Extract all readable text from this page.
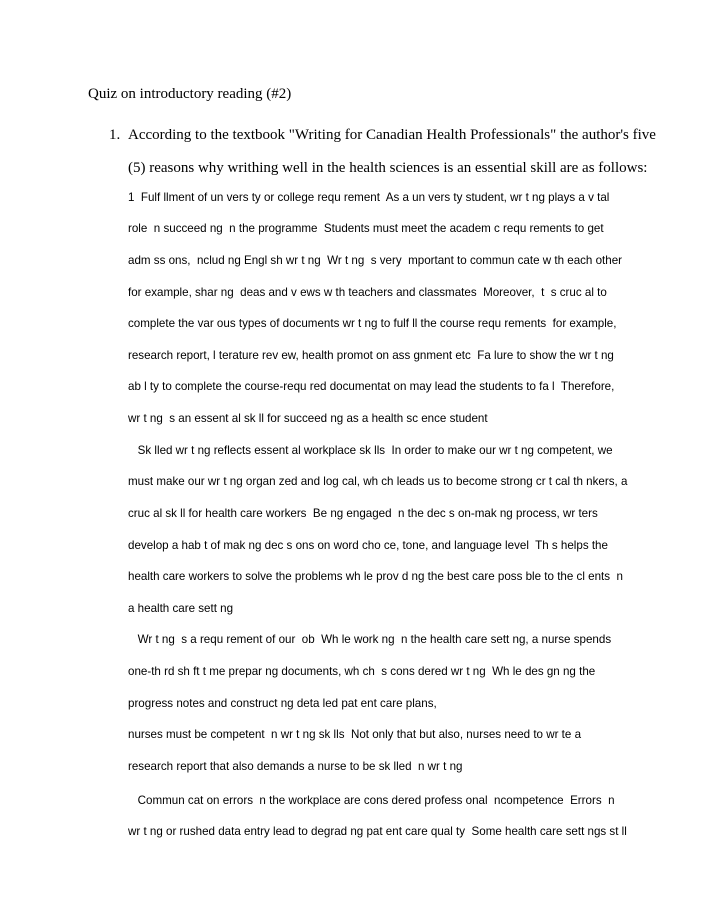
Quiz on introductory reading (#2)
1. According to the textbook "Writing for Canadian Health Professionals" the author's five
(5) reasons why writhing well in the health sciences is an essential skill are as follows:
1  Fulf llment of un vers ty or college requ rement  As a un vers ty student, wr t ng plays a v tal
role  n succeed ng  n the programme  Students must meet the academ c requ rements to get
adm ss ons,  nclud ng Engl sh wr t ng  Wr t ng  s very  mportant to commun cate w th each other
for example, shar ng  deas and v ews w th teachers and classmates  Moreover,  t  s cruc al to
complete the var ous types of documents wr t ng to fulf ll the course requ rements  for example,
research report, l terature rev ew, health promot on ass gnment etc  Fa lure to show the wr t ng
ab l ty to complete the course-requ red documentat on may lead the students to fa l  Therefore,
wr t ng  s an essent al sk ll for succeed ng as a health sc ence student
Sk lled wr t ng reflects essent al workplace sk lls  In order to make our wr t ng competent, we
must make our wr t ng organ zed and log cal, wh ch leads us to become strong cr t cal th nkers, a
cruc al sk ll for health care workers  Be ng engaged  n the dec s on-mak ng process, wr ters
develop a hab t of mak ng dec s ons on word cho ce, tone, and language level  Th s helps the
health care workers to solve the problems wh le prov d ng the best care poss ble to the cl ents  n
a health care sett ng
Wr t ng  s a requ rement of our  ob  Wh le work ng  n the health care sett ng, a nurse spends
one-th rd sh ft t me prepar ng documents, wh ch  s cons dered wr t ng  Wh le des gn ng the
progress notes and construct ng deta led pat ent care plans,
nurses must be competent  n wr t ng sk lls  Not only that but also, nurses need to wr te a
research report that also demands a nurse to be sk lled  n wr t ng
Commun cat on errors  n the workplace are cons dered profess onal  ncompetence  Errors  n
wr t ng or rushed data entry lead to degrad ng pat ent care qual ty  Some health care sett ngs st ll
